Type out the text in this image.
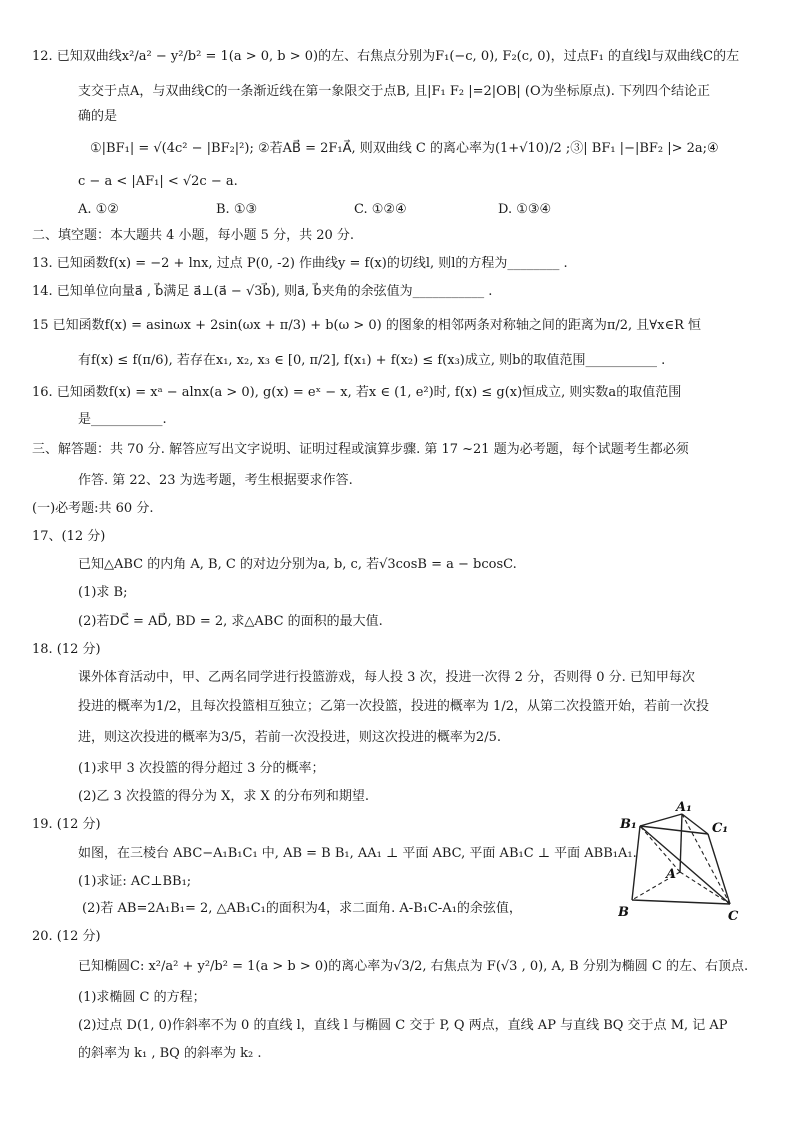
12. 已知双曲线x²/a² − y²/b² = 1(a > 0, b > 0)的左、右焦点分别为F₁(−c, 0), F₂(c, 0)，过点F₁ 的直线l与双曲线C的左
支交于点A，与双曲线C的一条渐近线在第一象限交于点B, 且|F₁ F₂ |=2|OB| (O为坐标原点). 下列四个结论正
确的是
①|BF₁| = √(4c² − |BF₂|²); ②若AB⃗ = 2F₁A⃗, 则双曲线 C 的离心率为(1+√10)/2 ;③| BF₁ |−|BF₂ |> 2a;④
c − a < |AF₁| < √2c − a.
A. ①②	B. ①③	C. ①②④	D. ①③④
二、填空题：本大题共 4 小题，每小题 5 分，共 20 分.
13. 已知函数f(x) = −2 + lnx, 过点 P(0, -2) 作曲线y = f(x)的切线l, 则l的方程为________ .
14. 已知单位向量a⃗ , b⃗满足 a⃗⊥(a⃗ − √3b⃗), 则a⃗, b⃗夹角的余弦值为___________ .
15 已知函数f(x) = asinωx + 2sin(ωx + π/3) + b(ω > 0) 的图象的相邻两条对称轴之间的距离为π/2, 且∀x∈R 恒
有f(x) ≤ f(π/6), 若存在x₁, x₂, x₃ ∈ [0, π/2], f(x₁) + f(x₂) ≤ f(x₃)成立, 则b的取值范围___________ .
16. 已知函数f(x) = xᵃ − alnx(a > 0), g(x) = eˣ − x, 若x ∈ (1, e²)时, f(x) ≤ g(x)恒成立, 则实数a的取值范围
是___________.
三、解答题：共 70 分. 解答应写出文字说明、证明过程或演算步骤. 第 17 ~21 题为必考题，每个试题考生都必须
作答. 第 22、23 为选考题，考生根据要求作答.
(一)必考题:共 60 分.
17、(12 分)
已知△ABC 的内角 A, B, C 的对边分别为a, b, c, 若√3cosB = a − bcosC.
(1)求 B;
(2)若DC⃗ = AD⃗, BD = 2, 求△ABC 的面积的最大值.
18. (12 分)
课外体育活动中，甲、乙两名同学进行投篮游戏，每人投 3 次，投进一次得 2 分，否则得 0 分. 已知甲每次
投进的概率为1/2，且每次投篮相互独立；乙第一次投篮，投进的概率为 1/2，从第二次投篮开始，若前一次投
进，则这次投进的概率为3/5，若前一次没投进，则这次投进的概率为2/5.
(1)求甲 3 次投篮的得分超过 3 分的概率；
(2)乙 3 次投篮的得分为 X，求 X 的分布列和期望.
19. (12 分)
如图，在三棱台 ABC−A₁B₁C₁ 中, AB = B B₁, AA₁ ⊥ 平面 ABC, 平面 AB₁C ⊥ 平面 ABB₁A₁.
(1)求证: AC⊥BB₁;
(2)若 AB=2A₁B₁= 2, △AB₁C₁的面积为4，求二面角. A-B₁C-A₁的余弦值，
20. (12 分)
已知椭圆C: x²/a² + y²/b² = 1(a > b > 0)的离心率为√3/2, 右焦点为 F(√3 , 0), A, B 分别为椭圆 C 的左、右顶点.
(1)求椭圆 C 的方程；
(2)过点 D(1, 0)作斜率不为 0 的直线 l，直线 l 与椭圆 C 交于 P, Q 两点，直线 AP 与直线 BQ 交于点 M, 记 AP
的斜率为 k₁ , BQ 的斜率为 k₂ .
A₁
B₁	C₁
A
B	C
